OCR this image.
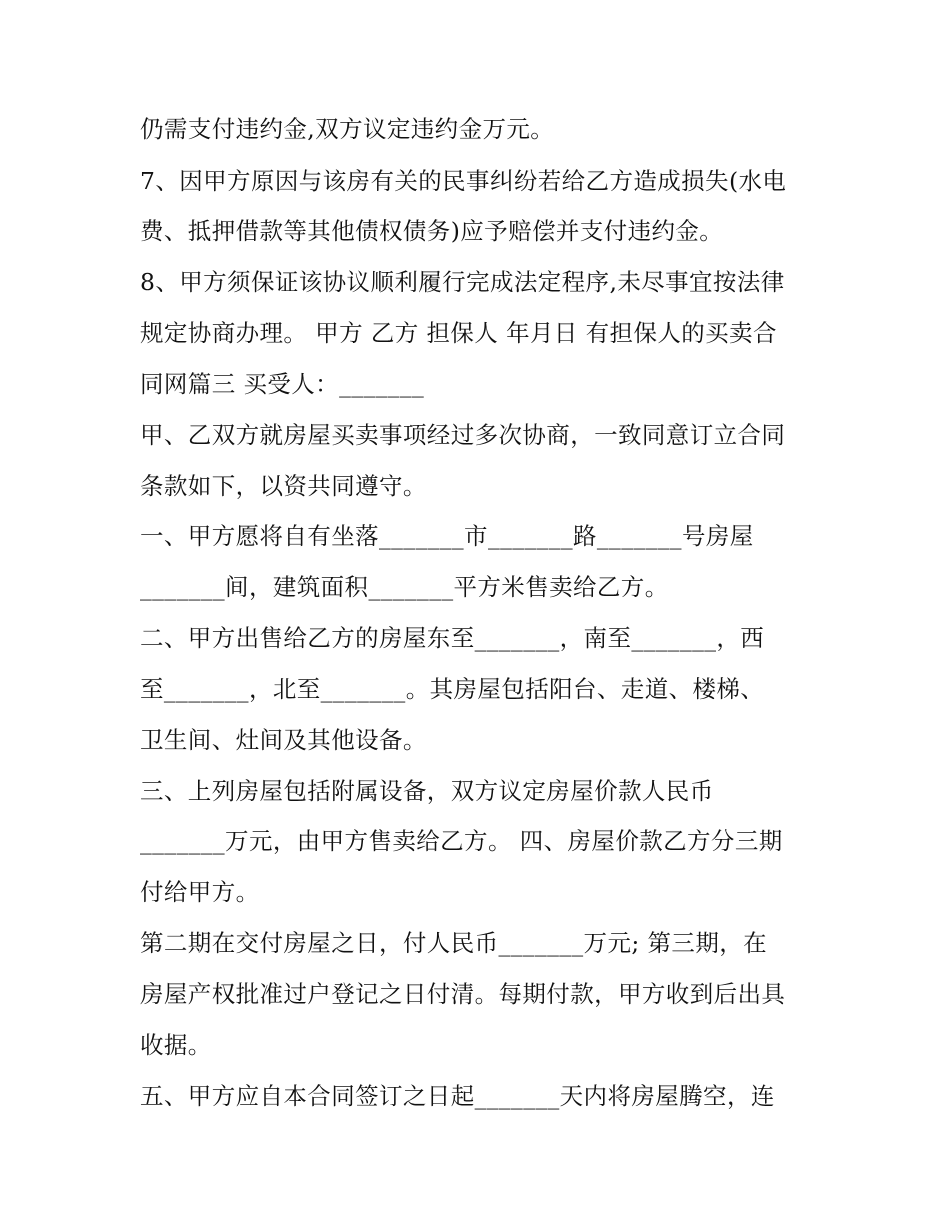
仍需支付违约金,双方议定违约金万元。
7、因甲方原因与该房有关的民事纠纷若给乙方造成损失(水电
费、抵押借款等其他债权债务)应予赔偿并支付违约金。
8、甲方须保证该协议顺利履行完成法定程序,未尽事宜按法律
规定协商办理。 甲方 乙方 担保人 年月日 有担保人的买卖合
同网篇三 买受人：_______
甲、乙双方就房屋买卖事项经过多次协商，一致同意订立合同
条款如下，以资共同遵守。
一、甲方愿将自有坐落_______市_______路_______号房屋
_______间，建筑面积_______平方米售卖给乙方。
二、甲方出售给乙方的房屋东至_______，南至_______，西
至_______，北至_______。其房屋包括阳台、走道、楼梯、
卫生间、灶间及其他设备。
三、上列房屋包括附属设备，双方议定房屋价款人民币
_______万元，由甲方售卖给乙方。 四、房屋价款乙方分三期
付给甲方。
第二期在交付房屋之日，付人民币_______万元; 第三期，在
房屋产权批准过户登记之日付清。每期付款，甲方收到后出具
收据。
五、甲方应自本合同签订之日起_______天内将房屋腾空，连
